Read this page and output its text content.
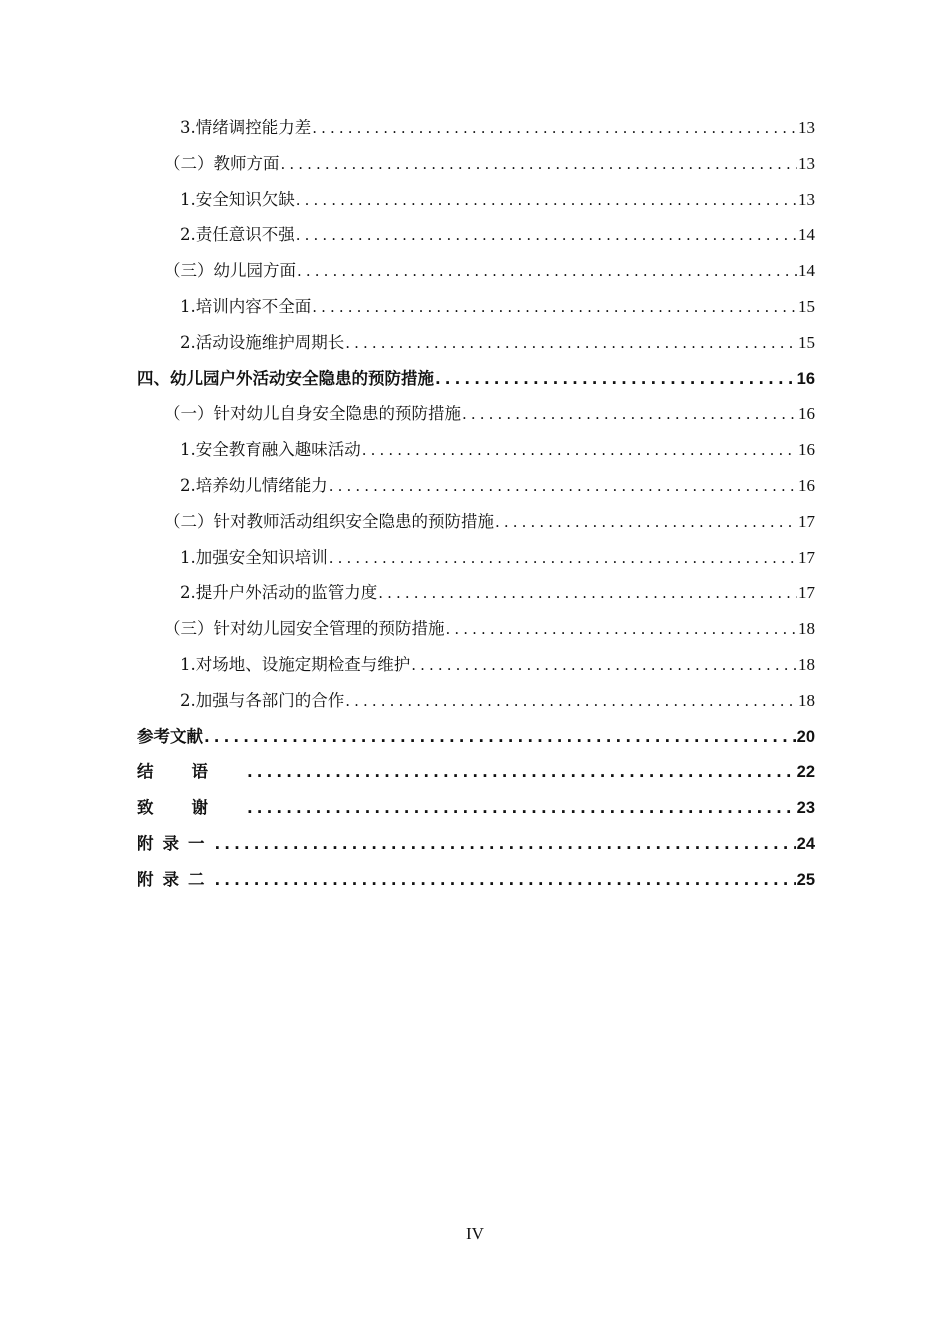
3.情绪调控能力差 .....	13
（二）教师方面 .....	13
1.安全知识欠缺 .....	13
2.责任意识不强 .....	14
（三）幼儿园方面 .....	14
1.培训内容不全面 .....	15
2.活动设施维护周期长 .....	15
四、幼儿园户外活动安全隐患的预防措施 .....	16
（一）针对幼儿自身安全隐患的预防措施 .....	16
1.安全教育融入趣味活动 .....	16
2.培养幼儿情绪能力 .....	16
（二）针对教师活动组织安全隐患的预防措施 .....	17
1.加强安全知识培训 .....	17
2.提升户外活动的监管力度 .....	17
（三）针对幼儿园安全管理的预防措施 .....	18
1.对场地、设施定期检查与维护 .....	18
2.加强与各部门的合作 .....	18
参考文献 .....	20
结语 .....	22
致谢 .....	23
附录一 .....	24
附录二 .....	25
IV
